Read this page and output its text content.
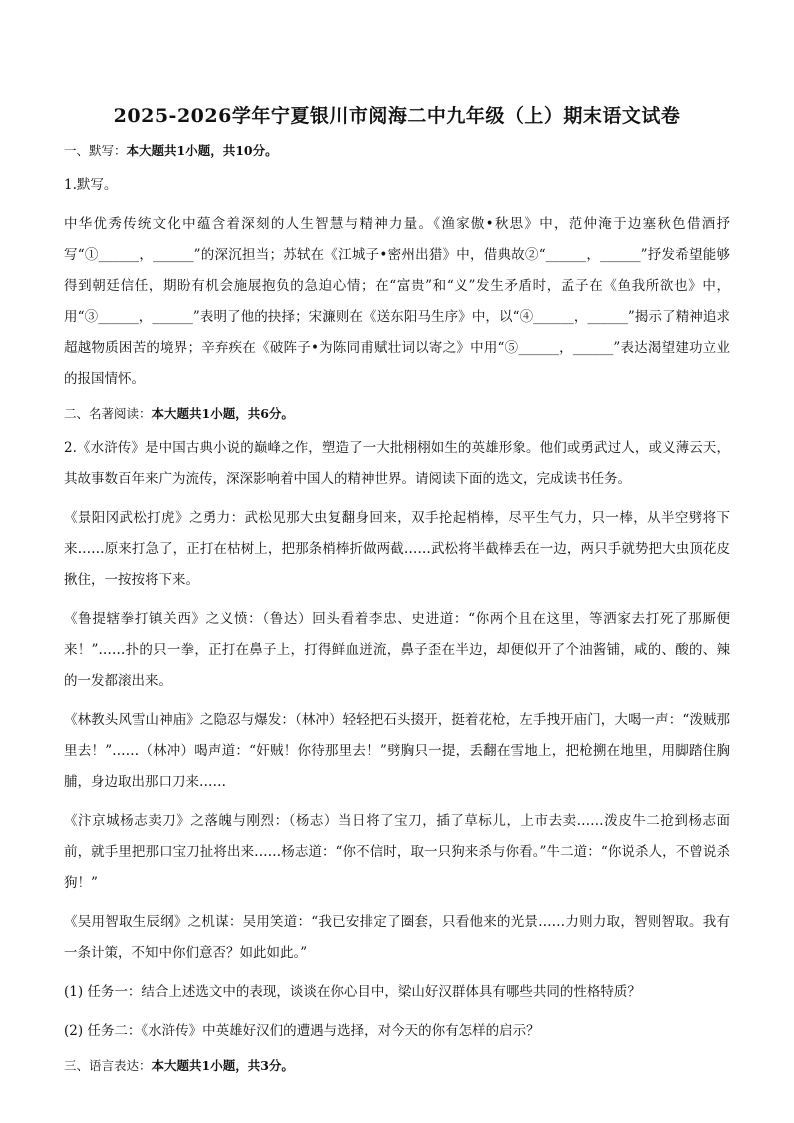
2025-2026学年宁夏银川市阅海二中九年级（上）期末语文试卷
一、默写：本大题共1小题，共10分。

1.默写。

中华优秀传统文化中蕴含着深刻的人生智慧与精神力量。《渔家傲•秋思》中，范仲淹于边塞秋色借酒抒写“①______，______”的深沉担当；苏轼在《江城子•密州出猎》中，借典故②“______，______”抒发希望能够得到朝廷信任，期盼有机会施展抱负的急迫心情；在“富贵”和“义”发生矛盾时，孟子在《鱼我所欲也》中，用“③______，______”表明了他的抉择；宋濂则在《送东阳马生序》中，以“④______，______”揭示了精神追求超越物质困苦的境界；辛弃疾在《破阵子•为陈同甫赋壮词以寄之》中用“⑤______，______”表达渴望建功立业的报国情怀。

二、名著阅读：本大题共1小题，共6分。

2.《水浒传》是中国古典小说的巅峰之作，塑造了一大批栩栩如生的英雄形象。他们或勇武过人，或义薄云天，其故事数百年来广为流传，深深影响着中国人的精神世界。请阅读下面的选文，完成读书任务。

《景阳冈武松打虎》之勇力：武松见那大虫复翻身回来，双手抡起梢棒，尽平生气力，只一棒，从半空劈将下来……原来打急了，正打在枯树上，把那条梢棒折做两截……武松将半截棒丢在一边，两只手就势把大虫顶花皮揪住，一按按将下来。

《鲁提辖拳打镇关西》之义愤：（鲁达）回头看着李忠、史进道：“你两个且在这里，等洒家去打死了那厮便来！”……扑的只一拳，正打在鼻子上，打得鲜血迸流，鼻子歪在半边，却便似开了个油酱铺，咸的、酸的、辣的一发都滚出来。

《林教头风雪山神庙》之隐忍与爆发：（林冲）轻轻把石头掇开，挺着花枪，左手拽开庙门，大喝一声：“泼贼那里去！”……（林冲）喝声道：“奸贼！你待那里去！”劈胸只一提，丢翻在雪地上，把枪搠在地里，用脚踏住胸脯，身边取出那口刀来……

《汴京城杨志卖刀》之落魄与刚烈：（杨志）当日将了宝刀，插了草标儿，上市去卖……泼皮牛二抢到杨志面前，就手里把那口宝刀扯将出来……杨志道：“你不信时，取一只狗来杀与你看。”牛二道：“你说杀人，不曾说杀狗！”

《吴用智取生辰纲》之机谋：吴用笑道：“我已安排定了圈套，只看他来的光景……力则力取，智则智取。我有一条计策，不知中你们意否？如此如此。”

(1) 任务一：结合上述选文中的表现，谈谈在你心目中，梁山好汉群体具有哪些共同的性格特质？

(2) 任务二：《水浒传》中英雄好汉们的遭遇与选择，对今天的你有怎样的启示？

三、语言表达：本大题共1小题，共3分。
